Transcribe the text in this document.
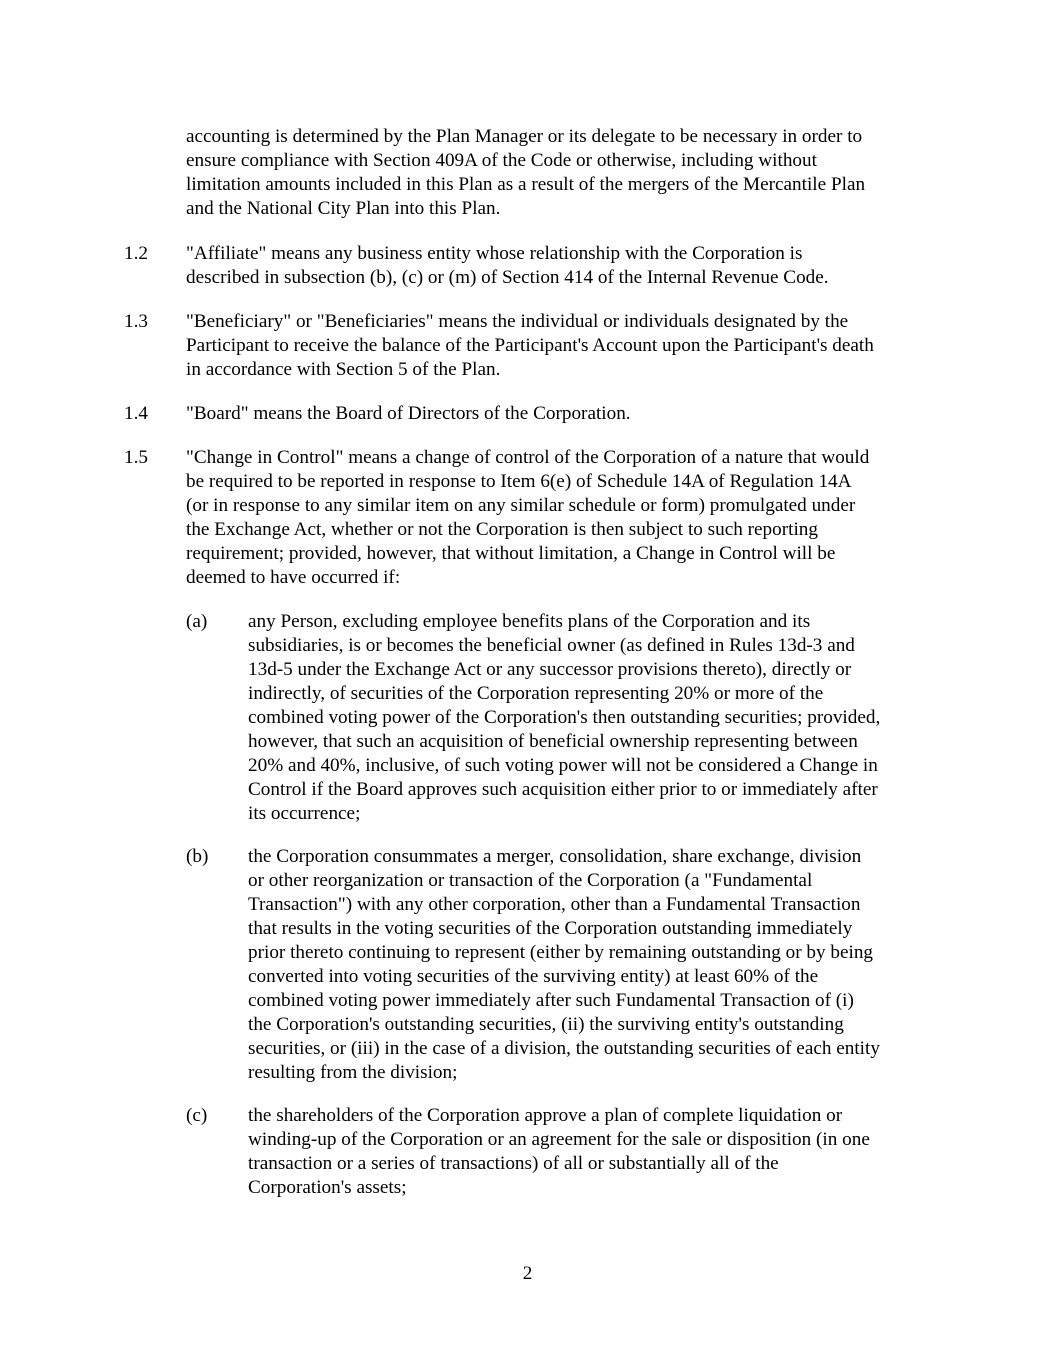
accounting is determined by the Plan Manager or its delegate to be necessary in order to
ensure compliance with Section 409A of the Code or otherwise, including without
limitation amounts included in this Plan as a result of the mergers of the Mercantile Plan
and the National City Plan into this Plan.

1.2 "Affiliate" means any business entity whose relationship with the Corporation is
described in subsection (b), (c) or (m) of Section 414 of the Internal Revenue Code.

1.3 "Beneficiary" or "Beneficiaries" means the individual or individuals designated by the
Participant to receive the balance of the Participant's Account upon the Participant's death
in accordance with Section 5 of the Plan.

1.4 "Board" means the Board of Directors of the Corporation.

1.5 "Change in Control" means a change of control of the Corporation of a nature that would
be required to be reported in response to Item 6(e) of Schedule 14A of Regulation 14A
(or in response to any similar item on any similar schedule or form) promulgated under
the Exchange Act, whether or not the Corporation is then subject to such reporting
requirement; provided, however, that without limitation, a Change in Control will be
deemed to have occurred if:

(a) any Person, excluding employee benefits plans of the Corporation and its
subsidiaries, is or becomes the beneficial owner (as defined in Rules 13d-3 and
13d-5 under the Exchange Act or any successor provisions thereto), directly or
indirectly, of securities of the Corporation representing 20% or more of the
combined voting power of the Corporation's then outstanding securities; provided,
however, that such an acquisition of beneficial ownership representing between
20% and 40%, inclusive, of such voting power will not be considered a Change in
Control if the Board approves such acquisition either prior to or immediately after
its occurrence;

(b) the Corporation consummates a merger, consolidation, share exchange, division
or other reorganization or transaction of the Corporation (a "Fundamental
Transaction") with any other corporation, other than a Fundamental Transaction
that results in the voting securities of the Corporation outstanding immediately
prior thereto continuing to represent (either by remaining outstanding or by being
converted into voting securities of the surviving entity) at least 60% of the
combined voting power immediately after such Fundamental Transaction of (i)
the Corporation's outstanding securities, (ii) the surviving entity's outstanding
securities, or (iii) in the case of a division, the outstanding securities of each entity
resulting from the division;

(c) the shareholders of the Corporation approve a plan of complete liquidation or
winding-up of the Corporation or an agreement for the sale or disposition (in one
transaction or a series of transactions) of all or substantially all of the
Corporation's assets;

2
